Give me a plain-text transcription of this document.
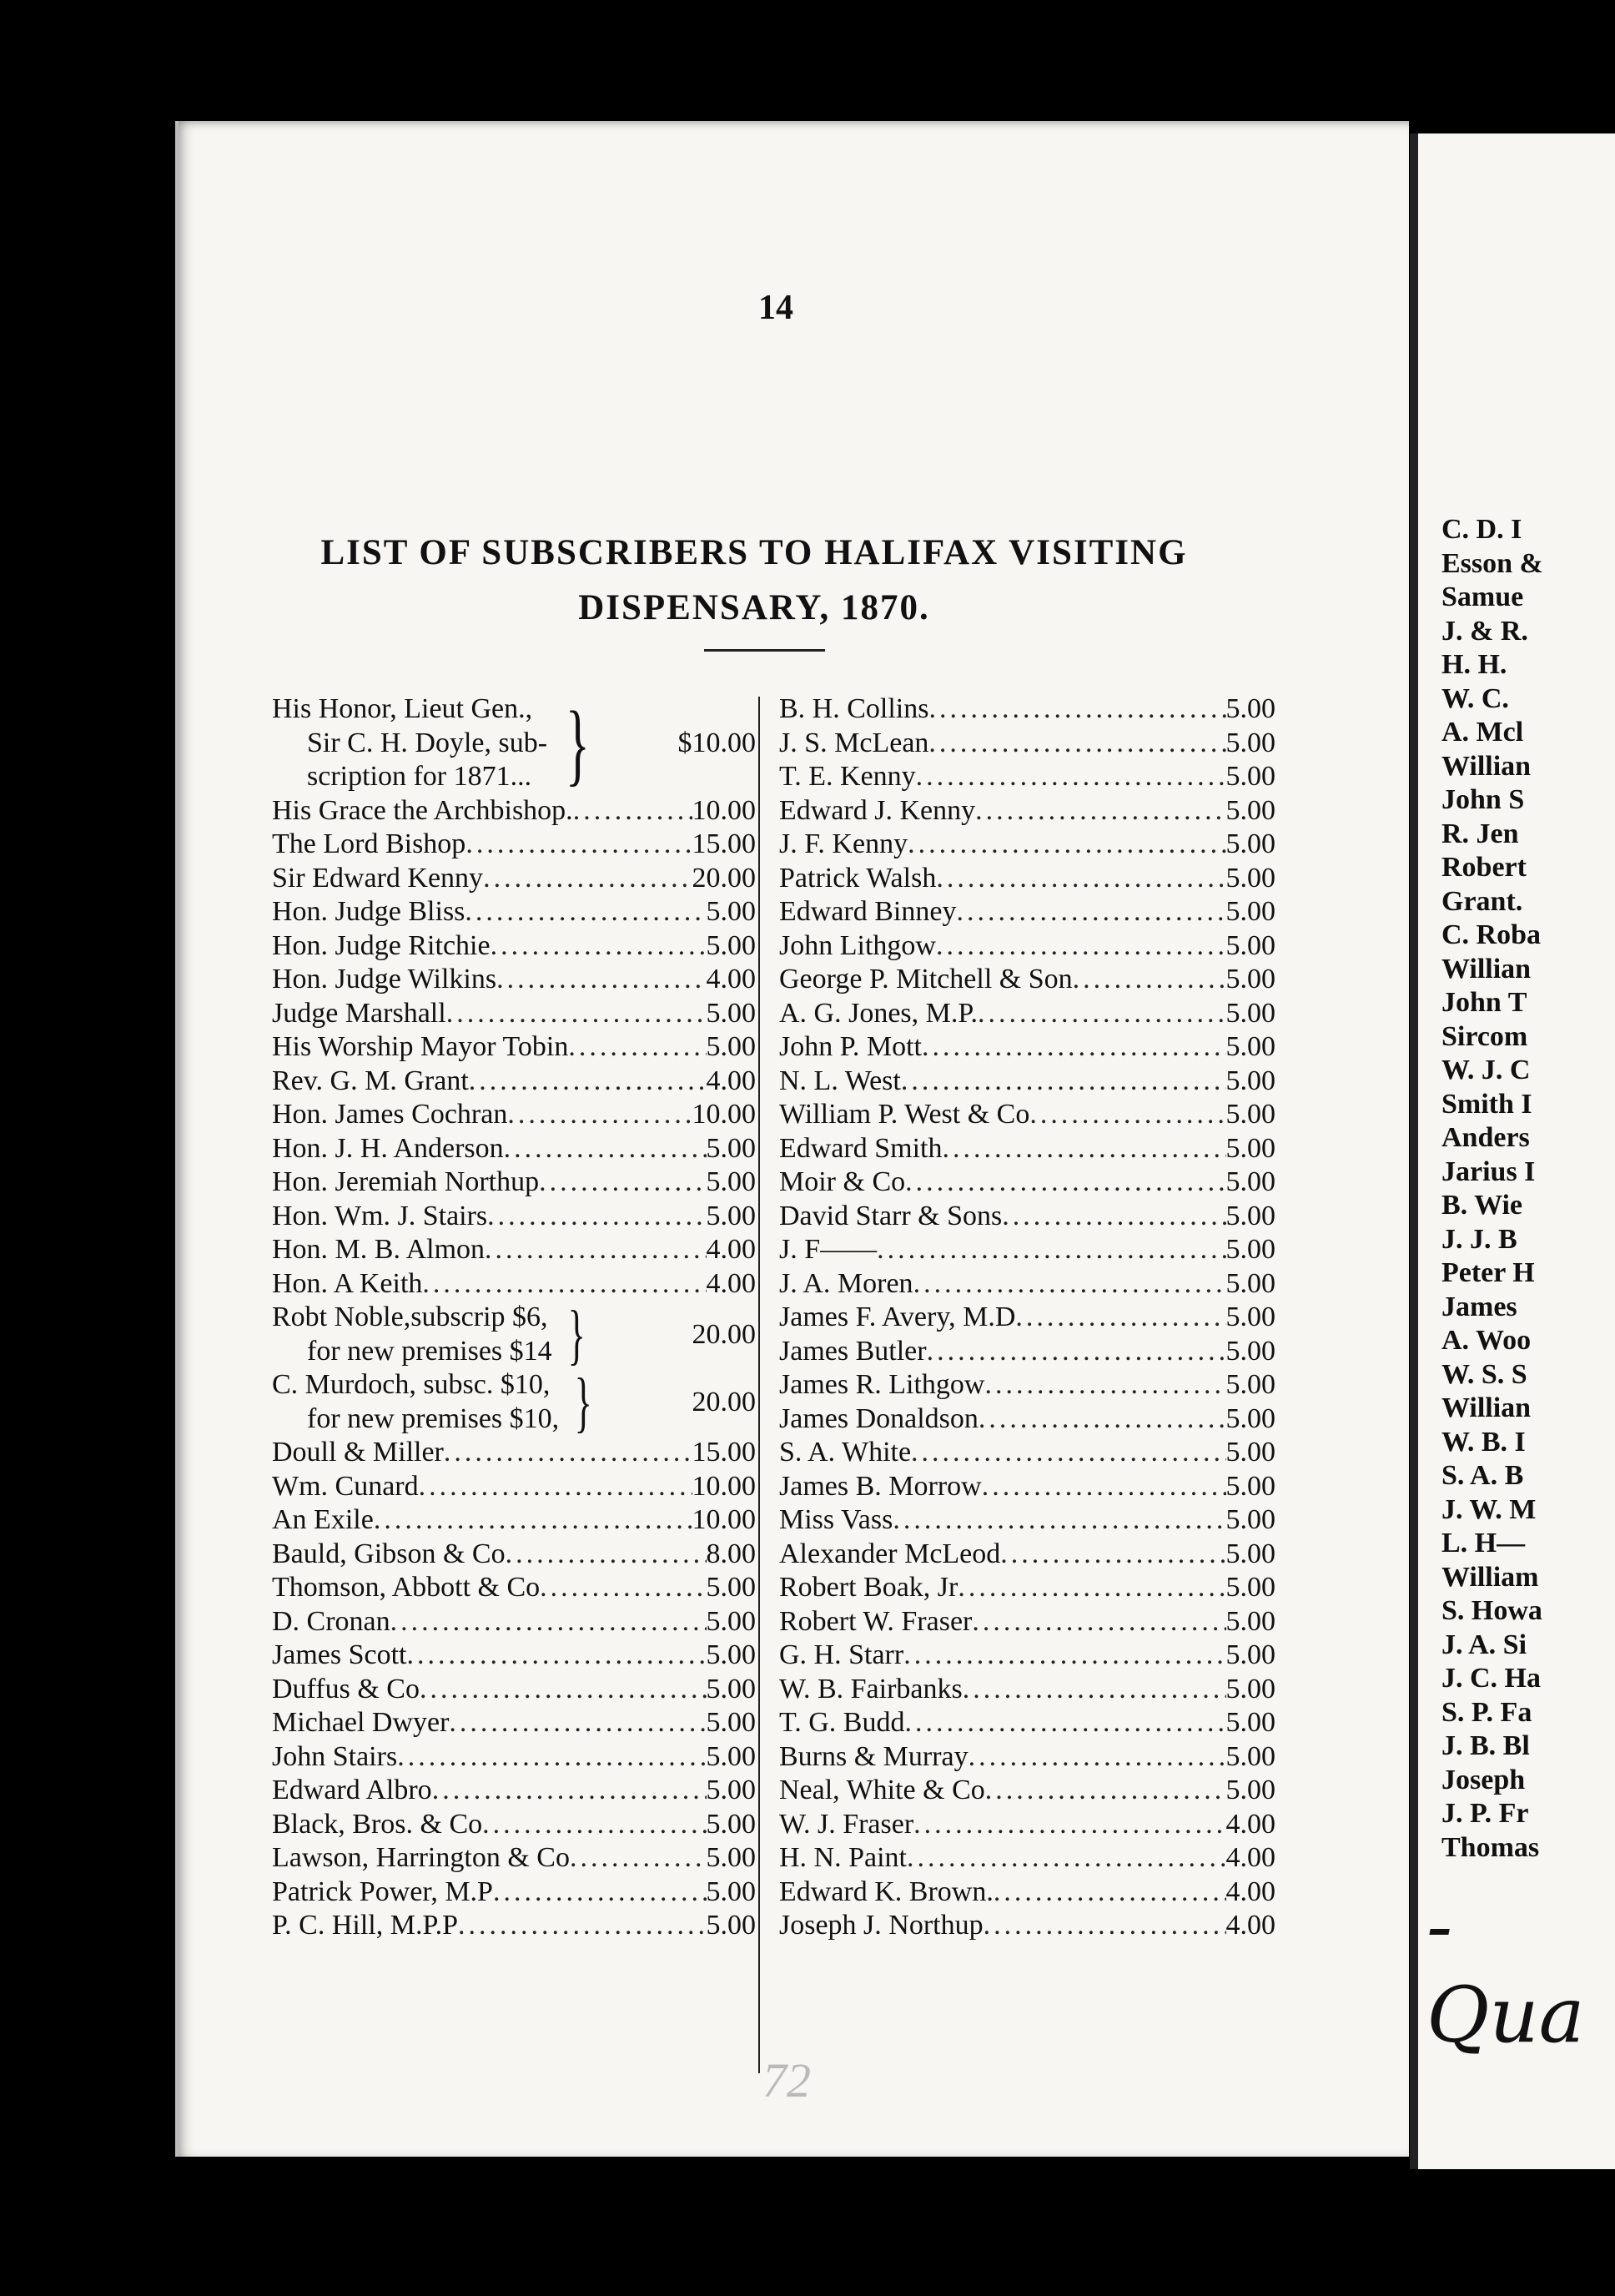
14
LIST OF SUBSCRIBERS TO HALIFAX VISITING
DISPENSARY, 1870.
His Honor, Lieut Gen.,
Sir C. H. Doyle, sub-
scription for 1871... }	$10.00
His Grace the Archbishop. .....	10.00
The Lord Bishop .....	15.00
Sir Edward Kenny .....	20.00
Hon. Judge Bliss .....	5.00
Hon. Judge Ritchie .....	5.00
Hon. Judge Wilkins .....	4.00
Judge Marshall .....	5.00
His Worship Mayor Tobin .....	5.00
Rev. G. M. Grant .....	4.00
Hon. James Cochran .....	10.00
Hon. J. H. Anderson .....	5.00
Hon. Jeremiah Northup .....	5.00
Hon. Wm. J. Stairs .....	5.00
Hon. M. B. Almon .....	4.00
Hon. A Keith .....	4.00
Robt Noble,subscrip $6,
for new premises $14 }	20.00
C. Murdoch, subsc. $10,
for new premises $10, }	20.00
Doull & Miller .....	15.00
Wm. Cunard .....	10.00
An Exile .....	10.00
Bauld, Gibson & Co .....	8.00
Thomson, Abbott & Co .....	5.00
D. Cronan .....	5.00
James Scott .....	5.00
Duffus & Co .....	5.00
Michael Dwyer .....	5.00
John Stairs .....	5.00
Edward Albro .....	5.00
Black, Bros. & Co .....	5.00
Lawson, Harrington & Co .....	5.00
Patrick Power, M.P .....	5.00
P. C. Hill, M.P.P .....	5.00
B. H. Collins .....	5.00
J. S. McLean .....	5.00
T. E. Kenny .....	5.00
Edward J. Kenny .....	5.00
J. F. Kenny .....	5.00
Patrick Walsh .....	5.00
Edward Binney .....	5.00
John Lithgow .....	5.00
George P. Mitchell & Son .....	5.00
A. G. Jones, M.P. .....	5.00
John P. Mott .....	5.00
N. L. West .....	5.00
William P. West & Co .....	5.00
Edward Smith .....	5.00
Moir & Co .....	5.00
David Starr & Sons .....	5.00
J. F—— .....	5.00
J. A. Moren .....	5.00
James F. Avery, M.D .....	5.00
James Butler .....	5.00
James R. Lithgow .....	5.00
James Donaldson .....	5.00
S. A. White .....	5.00
James B. Morrow .....	5.00
Miss Vass .....	5.00
Alexander McLeod .....	5.00
Robert Boak, Jr .....	5.00
Robert W. Fraser .....	5.00
G. H. Starr .....	5.00
W. B. Fairbanks .....	5.00
T. G. Budd .....	5.00
Burns & Murray .....	5.00
Neal, White & Co .....	5.00
W. J. Fraser .....	4.00
H. N. Paint .....	4.00
Edward K. Brown. .....	4.00
Joseph J. Northup .....	4.00
72
C. D. I
Esson &
Samue
J. & R.
H. H.
W. C.
A. Mcl
Willian
John S
R. Jen
Robert
Grant.
C. Roba
Willian
John T
Sircom
W. J. C
Smith I
Anders
Jarius I
B. Wie
J. J. B
Peter H
James
A. Woo
W. S. S
Willian
W. B. I
S. A. B
J. W. M
L. H—
William
S. Howa
J. A. Si
J. C. Ha
S. P. Fa
J. B. Bl
Joseph
J. P. Fr
Thomas
- Qua
